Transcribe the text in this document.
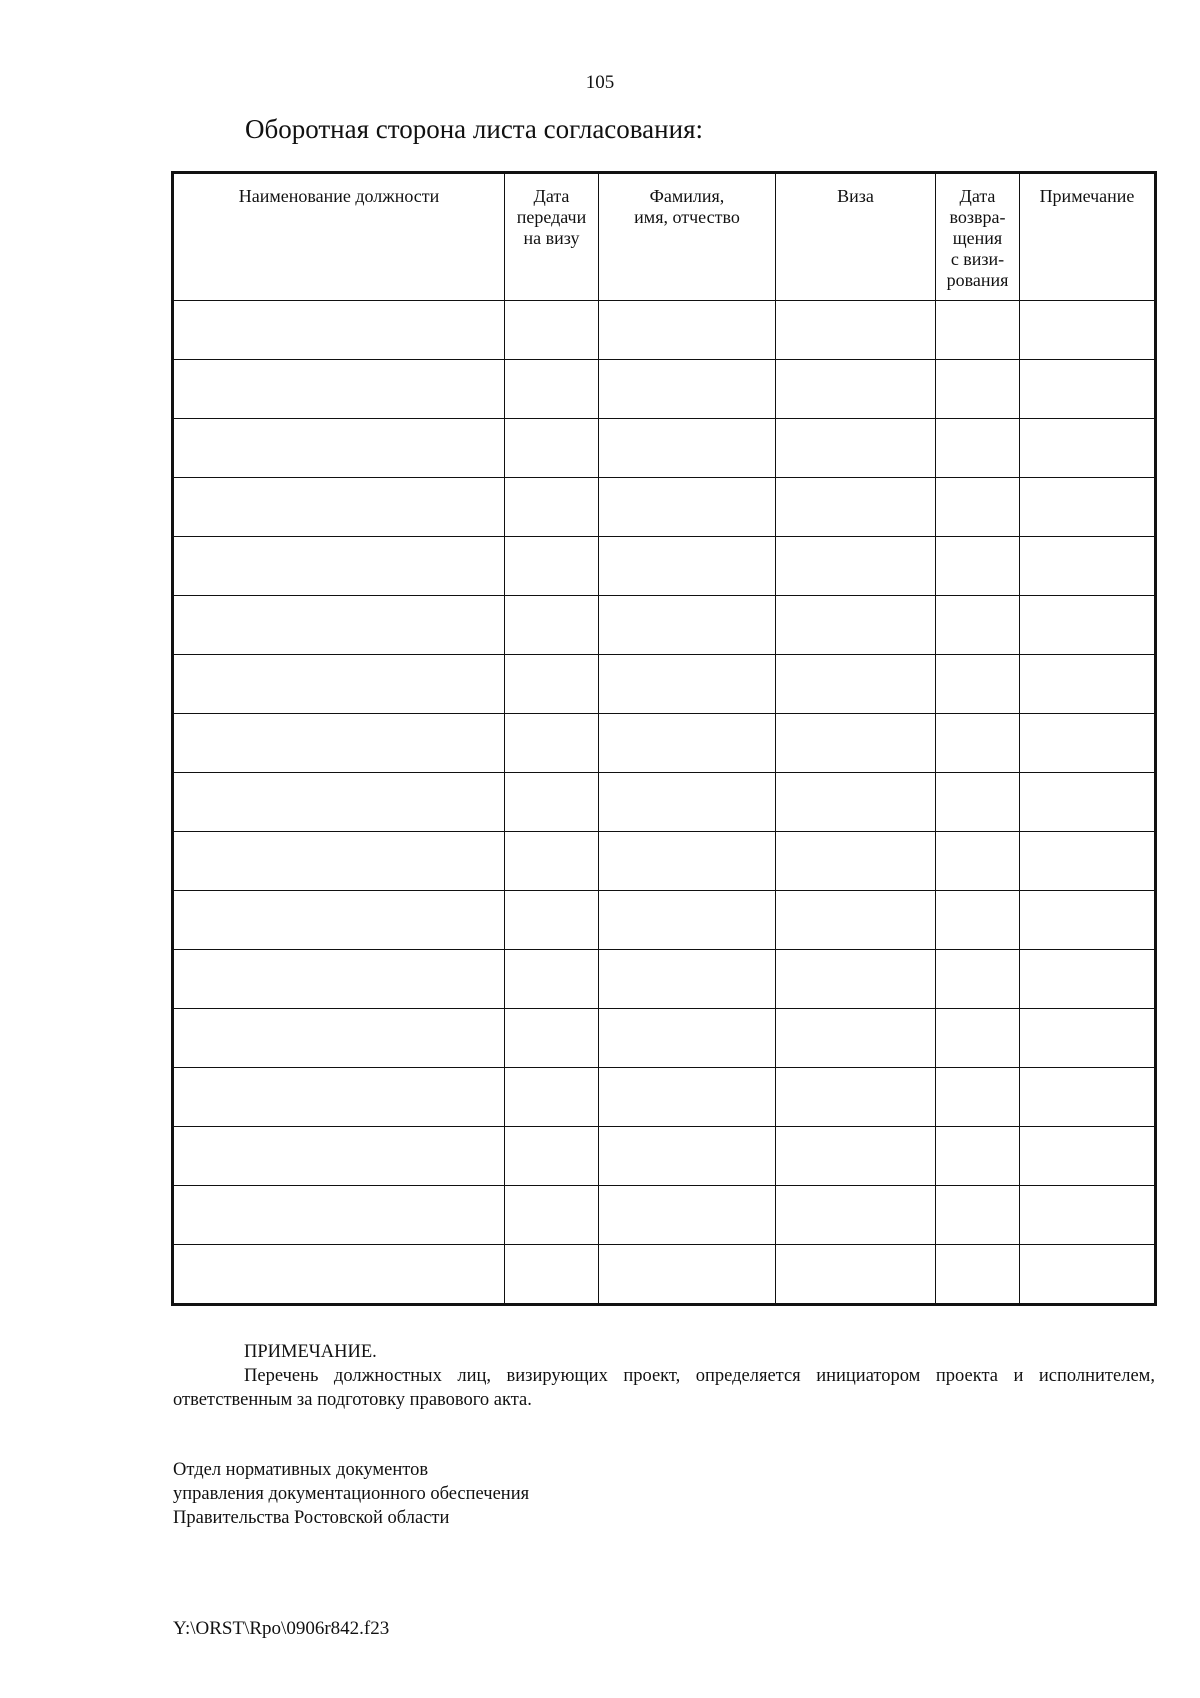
105
Оборотная сторона листа согласования:
Наименование должности	Дата
передачи
на визу	Фамилия,
имя, отчество	Виза	Дата
возвра-
щения
с визи-
рования	Примечание

ПРИМЕЧАНИЕ.

Перечень должностных лиц, визирующих проект, определяется инициатором проекта и исполнителем, ответственным за подготовку правового акта.

Отдел нормативных документов
управления документационного обеспечения
Правительства Ростовской области
Y:\ORST\Rpo\0906r842.f23
